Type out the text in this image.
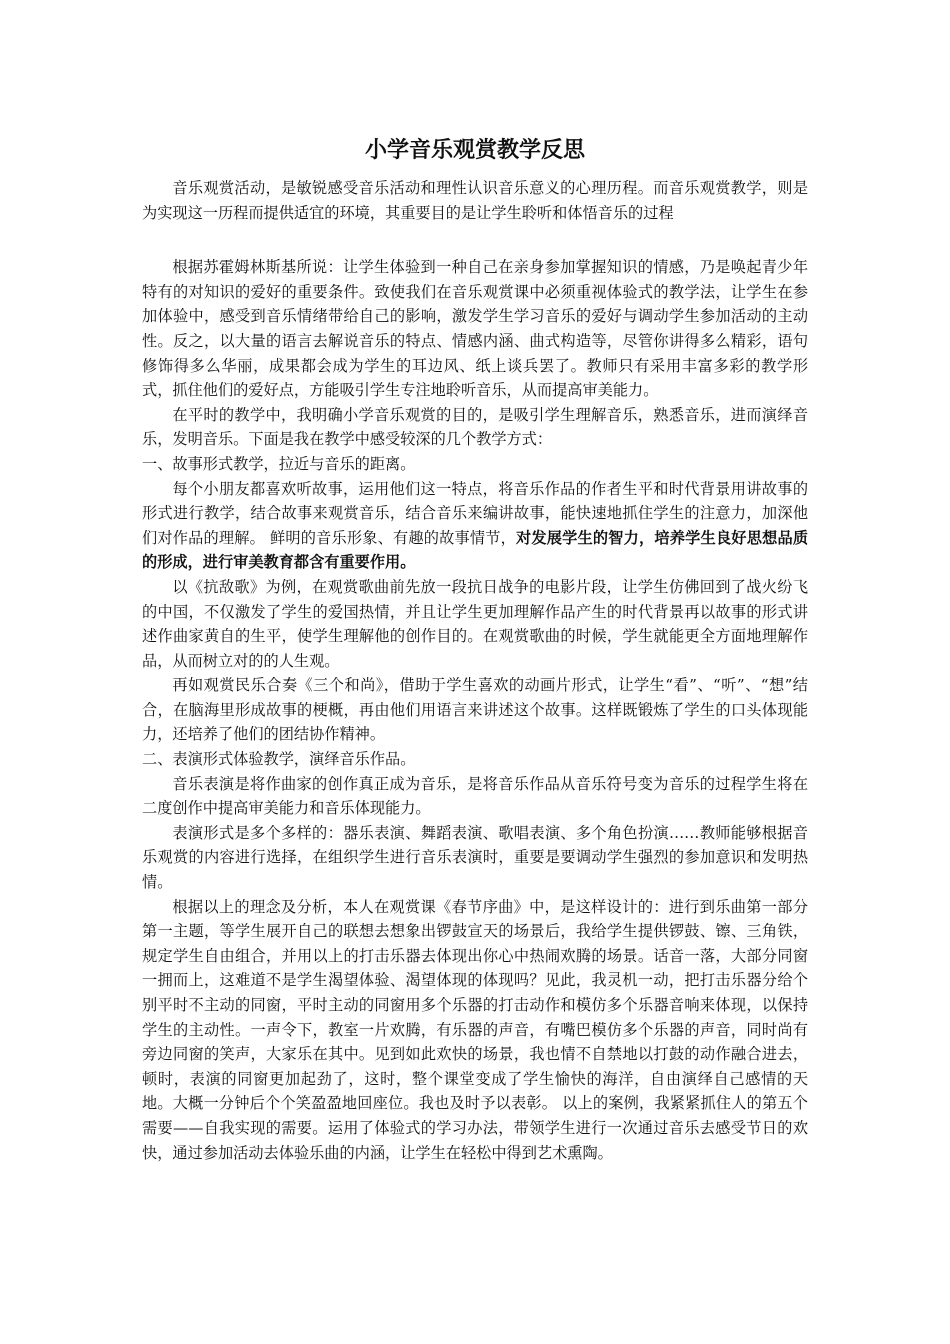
小学音乐观赏教学反思

音乐观赏活动，是敏锐感受音乐活动和理性认识音乐意义的心理历程。而音乐观赏教学，则是为实现这一历程而提供适宜的环境，其重要目的是让学生聆听和体悟音乐的过程

根据苏霍姆林斯基所说：让学生体验到一种自己在亲身参加掌握知识的情感，乃是唤起青少年特有的对知识的爱好的重要条件。致使我们在音乐观赏课中必须重视体验式的教学法，让学生在参加体验中，感受到音乐情绪带给自己的影响，激发学生学习音乐的爱好与调动学生参加活动的主动性。反之，以大量的语言去解说音乐的特点、情感内涵、曲式构造等，尽管你讲得多么精彩，语句修饰得多么华丽，成果都会成为学生的耳边风、纸上谈兵罢了。教师只有采用丰富多彩的教学形式，抓住他们的爱好点，方能吸引学生专注地聆听音乐，从而提高审美能力。

在平时的教学中，我明确小学音乐观赏的目的，是吸引学生理解音乐，熟悉音乐，进而演绎音乐，发明音乐。下面是我在教学中感受较深的几个教学方式：

一、故事形式教学，拉近与音乐的距离。

每个小朋友都喜欢听故事，运用他们这一特点，将音乐作品的作者生平和时代背景用讲故事的形式进行教学，结合故事来观赏音乐，结合音乐来编讲故事，能快速地抓住学生的注意力，加深他们对作品的理解。 鲜明的音乐形象、有趣的故事情节，对发展学生的智力，培养学生良好思想品质的形成，进行审美教育都含有重要作用。

以《抗敌歌》为例，在观赏歌曲前先放一段抗日战争的电影片段，让学生仿佛回到了战火纷飞的中国，不仅激发了学生的爱国热情，并且让学生更加理解作品产生的时代背景再以故事的形式讲述作曲家黄自的生平，使学生理解他的创作目的。在观赏歌曲的时候，学生就能更全方面地理解作品，从而树立对的的人生观。

再如观赏民乐合奏《三个和尚》，借助于学生喜欢的动画片形式，让学生“看”、“听”、“想”结合，在脑海里形成故事的梗概，再由他们用语言来讲述这个故事。这样既锻炼了学生的口头体现能力，还培养了他们的团结协作精神。

二、表演形式体验教学，演绎音乐作品。

音乐表演是将作曲家的创作真正成为音乐，是将音乐作品从音乐符号变为音乐的过程学生将在二度创作中提高审美能力和音乐体现能力。

表演形式是多个多样的：器乐表演、舞蹈表演、歌唱表演、多个角色扮演……教师能够根据音乐观赏的内容进行选择，在组织学生进行音乐表演时，重要是要调动学生强烈的参加意识和发明热情。

根据以上的理念及分析，本人在观赏课《春节序曲》中，是这样设计的：进行到乐曲第一部分第一主题，等学生展开自己的联想去想象出锣鼓宣天的场景后，我给学生提供锣鼓、镲、三角铁，规定学生自由组合，并用以上的打击乐器去体现出你心中热闹欢腾的场景。话音一落，大部分同窗一拥而上，这难道不是学生渴望体验、渴望体现的体现吗？见此，我灵机一动，把打击乐器分给个别平时不主动的同窗，平时主动的同窗用多个乐器的打击动作和模仿多个乐器音响来体现，以保持学生的主动性。一声令下，教室一片欢腾，有乐器的声音，有嘴巴模仿多个乐器的声音，同时尚有旁边同窗的笑声，大家乐在其中。见到如此欢快的场景，我也情不自禁地以打鼓的动作融合进去，顿时，表演的同窗更加起劲了，这时，整个课堂变成了学生愉快的海洋，自由演绎自己感情的天地。大概一分钟后个个笑盈盈地回座位。我也及时予以表彰。 以上的案例，我紧紧抓住人的第五个需要——自我实现的需要。运用了体验式的学习办法，带领学生进行一次通过音乐去感受节日的欢快，通过参加活动去体验乐曲的内涵，让学生在轻松中得到艺术熏陶。
